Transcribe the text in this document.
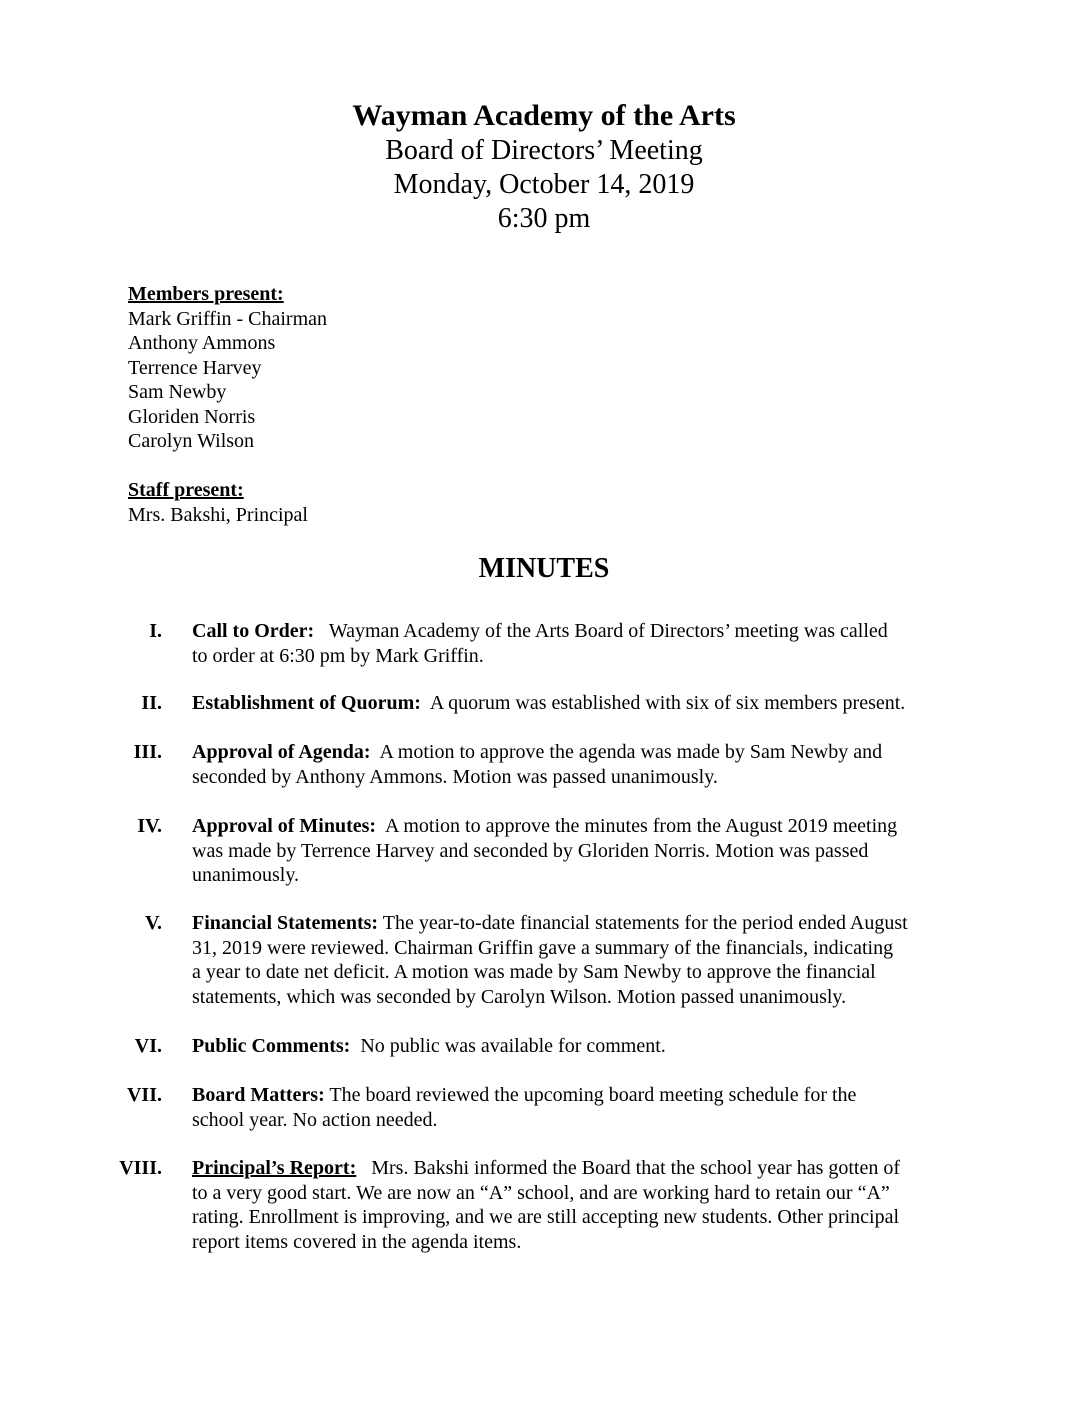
Wayman Academy of the Arts
Board of Directors’ Meeting
Monday, October 14, 2019
6:30 pm
Members present:
Mark Griffin - Chairman
Anthony Ammons
Terrence Harvey
Sam Newby
Gloriden Norris
Carolyn Wilson
Staff present:
Mrs. Bakshi, Principal
MINUTES
I. Call to Order: Wayman Academy of the Arts Board of Directors’ meeting was called
to order at 6:30 pm by Mark Griffin.
II. Establishment of Quorum: A quorum was established with six of six members present.
III. Approval of Agenda: A motion to approve the agenda was made by Sam Newby and
seconded by Anthony Ammons. Motion was passed unanimously.
IV. Approval of Minutes: A motion to approve the minutes from the August 2019 meeting
was made by Terrence Harvey and seconded by Gloriden Norris. Motion was passed
unanimously.
V. Financial Statements: The year-to-date financial statements for the period ended August
31, 2019 were reviewed. Chairman Griffin gave a summary of the financials, indicating
a year to date net deficit. A motion was made by Sam Newby to approve the financial
statements, which was seconded by Carolyn Wilson. Motion passed unanimously.
VI. Public Comments: No public was available for comment.
VII. Board Matters: The board reviewed the upcoming board meeting schedule for the
school year. No action needed.
VIII. Principal’s Report: Mrs. Bakshi informed the Board that the school year has gotten of
to a very good start. We are now an “A” school, and are working hard to retain our “A”
rating. Enrollment is improving, and we are still accepting new students. Other principal
report items covered in the agenda items.
